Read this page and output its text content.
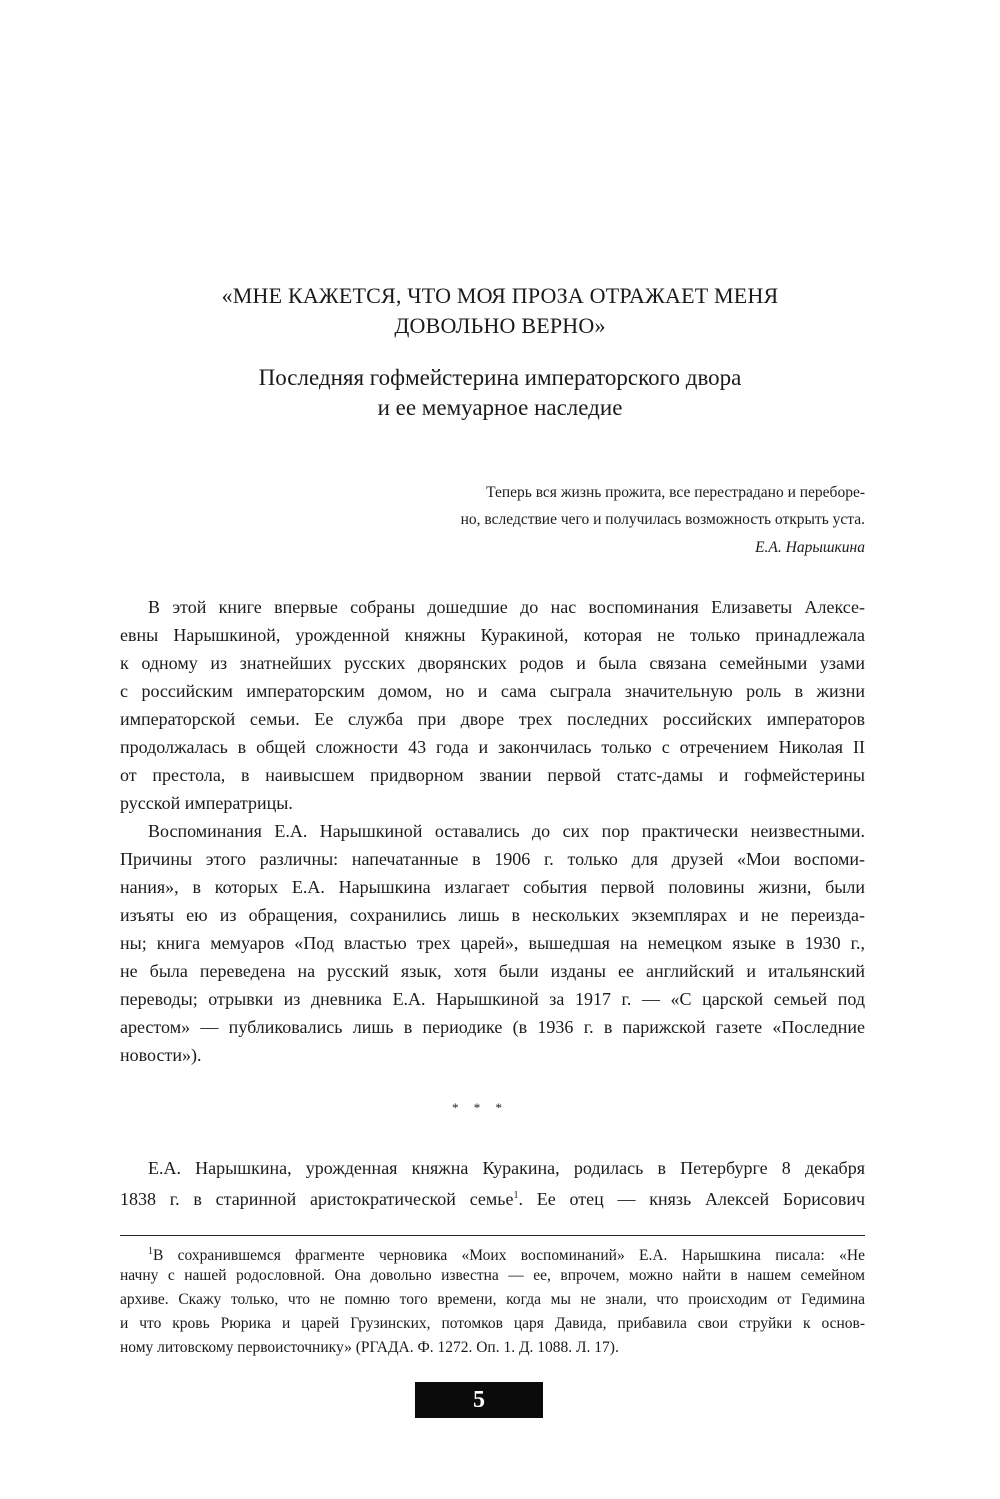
«МНЕ КАЖЕТСЯ, ЧТО МОЯ ПРОЗА ОТРАЖАЕТ МЕНЯ
ДОВОЛЬНО ВЕРНО»
Последняя гофмейстерина императорского двора
и ее мемуарное наследие
Теперь вся жизнь прожита, все перестрадано и переборе-
но, вследствие чего и получилась возможность открыть уста.
Е.А. Нарышкина
В этой книге впервые собраны дошедшие до нас воспоминания Елизаветы Алексе-
евны Нарышкиной, урожденной княжны Куракиной, которая не только принадлежала
к одному из знатнейших русских дворянских родов и была связана семейными узами
с российским императорским домом, но и сама сыграла значительную роль в жизни
императорской семьи. Ее служба при дворе трех последних российских императоров
продолжалась в общей сложности 43 года и закончилась только с отречением Николая II
от престола, в наивысшем придворном звании первой статс-дамы и гофмейстерины
русской императрицы.
Воспоминания Е.А. Нарышкиной оставались до сих пор практически неизвестными.
Причины этого различны: напечатанные в 1906 г. только для друзей «Мои воспоми-
нания», в которых Е.А. Нарышкина излагает события первой половины жизни, были
изъяты ею из обращения, сохранились лишь в нескольких экземплярах и не переизда-
ны; книга мемуаров «Под властью трех царей», вышедшая на немецком языке в 1930 г.,
не была переведена на русский язык, хотя были изданы ее английский и итальянский
переводы; отрывки из дневника Е.А. Нарышкиной за 1917 г. — «С царской семьей под
арестом» — публиковались лишь в периодике (в 1936 г. в парижской газете «Последние
новости»).
* * *
Е.А. Нарышкина, урожденная княжна Куракина, родилась в Петербурге 8 декабря
1838 г. в старинной аристократической семье$^1$. Ее отец — князь Алексей Борисович
$^1$В сохранившемся фрагменте черновика «Моих воспоминаний» Е.А. Нарышкина писала: «Не
начну с нашей родословной. Она довольно известна — ее, впрочем, можно найти в нашем семейном
архиве. Скажу только, что не помню того времени, когда мы не знали, что происходим от Гедимина
и что кровь Рюрика и царей Грузинских, потомков царя Давида, прибавила свои струйки к основ-
ному литовскому первоисточнику» (РГАДА. Ф. 1272. Оп. 1. Д. 1088. Л. 17).
5
